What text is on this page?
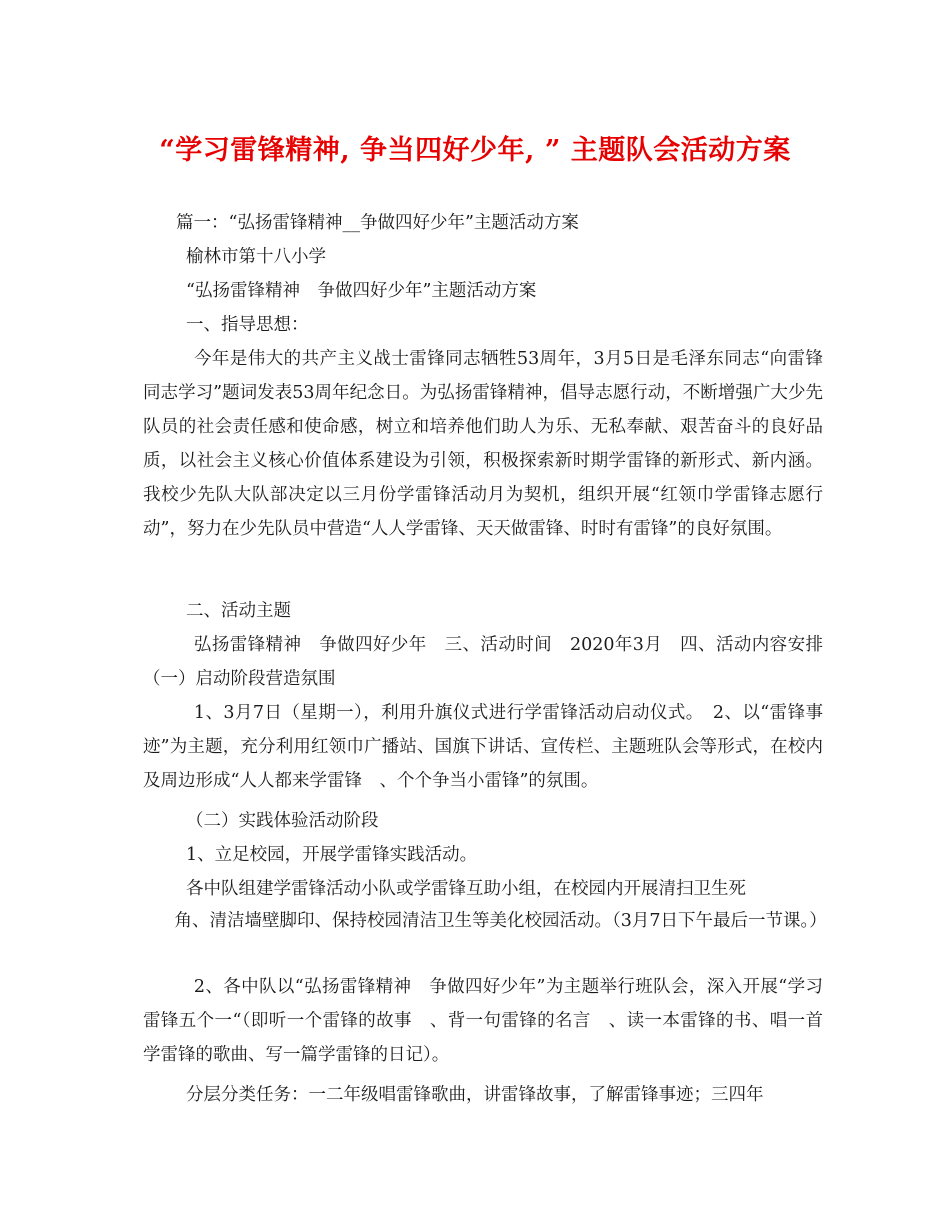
“学习雷锋精神, 争当四好少年, ” 主题队会活动方案
篇一：“弘扬雷锋精神__争做四好少年”主题活动方案
榆林市第十八小学
“弘扬雷锋精神　争做四好少年”主题活动方案
一、指导思想：
　今年是伟大的共产主义战士雷锋同志牺牲53周年，3月5日是毛泽东同志“向雷锋同志学习”题词发表53周年纪念日。为弘扬雷锋精神，倡导志愿行动，不断增强广大少先队员的社会责任感和使命感，树立和培养他们助人为乐、无私奉献、艰苦奋斗的良好品质，以社会主义核心价值体系建设为引领，积极探索新时期学雷锋的新形式、新内涵。我校少先队大队部决定以三月份学雷锋活动月为契机，组织开展“红领巾学雷锋志愿行动”，努力在少先队员中营造“人人学雷锋、天天做雷锋、时时有雷锋”的良好氛围。
二、活动主题
　弘扬雷锋精神　争做四好少年　三、活动时间　2020年3月　四、活动内容安排　（一）启动阶段营造氛围
　1、3月7日（星期一），利用升旗仪式进行学雷锋活动启动仪式。　2、以“雷锋事迹”为主题，充分利用红领巾广播站、国旗下讲话、宣传栏、主题班队会等形式，在校内及周边形成“人人都来学雷锋　、个个争当小雷锋”的氛围。
（二）实践体验活动阶段
1、立足校园，开展学雷锋实践活动。
各中队组建学雷锋活动小队或学雷锋互助小组，在校园内开展清扫卫生死
　角、清洁墙壁脚印、保持校园清洁卫生等美化校园活动。（3月7日下午最后一节课。）
　2、各中队以“弘扬雷锋精神　争做四好少年”为主题举行班队会，深入开展“学习雷锋五个一“（即听一个雷锋的故事　、背一句雷锋的名言　、读一本雷锋的书、唱一首学雷锋的歌曲、写一篇学雷锋的日记）。
分层分类任务：一二年级唱雷锋歌曲，讲雷锋故事，了解雷锋事迹；三四年
